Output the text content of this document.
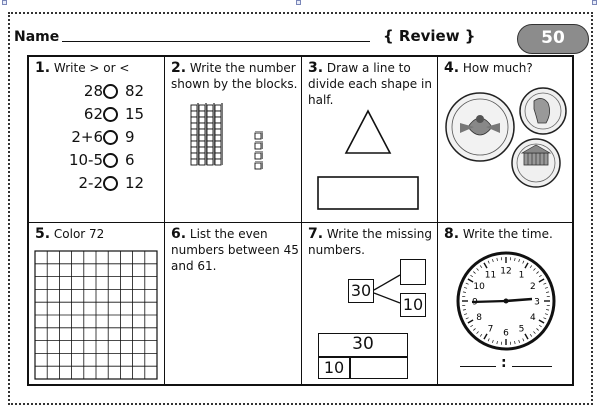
Name	{ Review }	50
1. Write > or <
28 82
62 15
2+6 9
10-5 6
2-2 12
2. Write the number shown by the blocks.
3. Draw a line to divide each shape in half.
4. How much?
5. Color 72	6. List the even numbers between 45 and 61.
7. Write the missing numbers.
30
10
30
10
8. Write the time.
1
2
3
4
5
6
7
8
10
11 12
:
